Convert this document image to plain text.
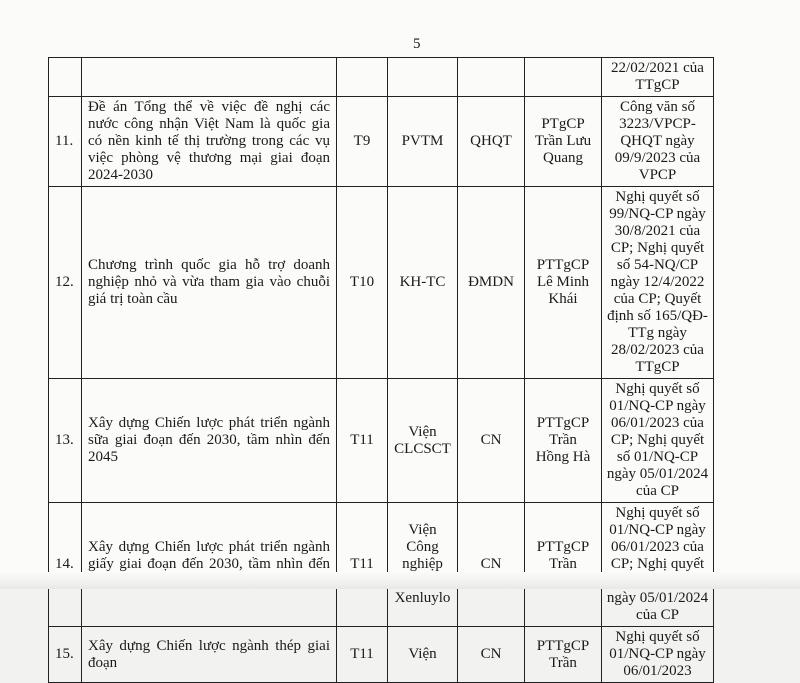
5
						22/02/2021 của TTgCP
11.	Đề án Tổng thể về việc đề nghị các nước công nhận Việt Nam là quốc gia có nền kinh tế thị trường trong các vụ việc phòng vệ thương mại giai đoạn 2024-2030	T9	PVTM	QHQT	PTgCP Trần Lưu Quang	Công văn số 3223/VPCP-QHQT ngày 09/9/2023 của VPCP
12.	Chương trình quốc gia hỗ trợ doanh nghiệp nhỏ và vừa tham gia vào chuỗi giá trị toàn cầu	T10	KH-TC	ĐMDN	PTTgCP Lê Minh Khái	Nghị quyết số 99/NQ-CP ngày 30/8/2021 của CP; Nghị quyết số 54-NQ/CP ngày 12/4/2022 của CP; Quyết định số 165/QĐ-TTg ngày 28/02/2023 của TTgCP
13.	Xây dựng Chiến lược phát triển ngành sữa giai đoạn đến 2030, tầm nhìn đến 2045	T11	Viện CLCSCT	CN	PTTgCP Trần Hồng Hà	Nghị quyết số 01/NQ-CP ngày 06/01/2023 của CP; Nghị quyết số 01/NQ-CP ngày 05/01/2024 của CP
14.	Xây dựng Chiến lược phát triển ngành giấy giai đoạn đến 2030, tầm nhìn đến	T11	Viện Công nghiệp Xenluylo	CN	PTTgCP Trần	Nghị quyết số 01/NQ-CP ngày 06/01/2023 của CP; Nghị quyết ngày 05/01/2024 của CP
15.	Xây dựng Chiến lược ngành thép giai đoạn	T11	Viện	CN	PTTgCP Trần	Nghị quyết số 01/NQ-CP ngày 06/01/2023
